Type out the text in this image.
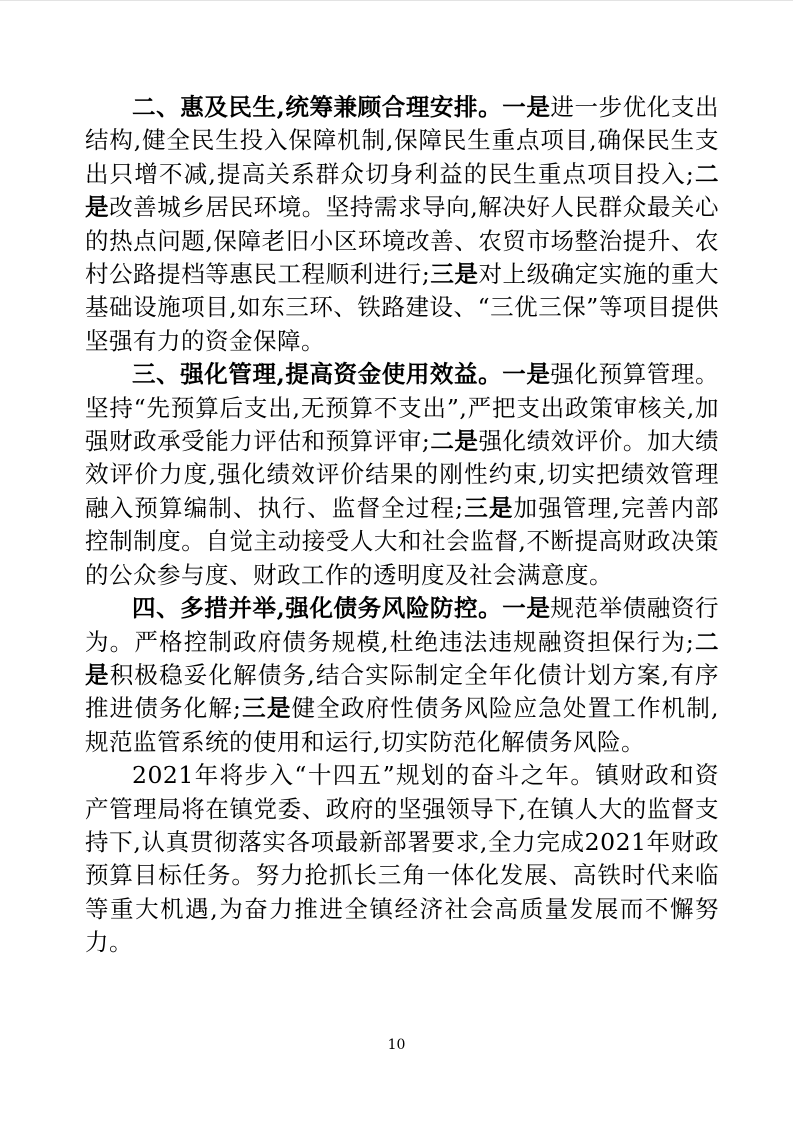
二、惠及民生,统筹兼顾合理安排。一是进一步优化支出结构,健全民生投入保障机制,保障民生重点项目,确保民生支出只增不减,提高关系群众切身利益的民生重点项目投入;二是改善城乡居民环境。坚持需求导向,解决好人民群众最关心的热点问题,保障老旧小区环境改善、农贸市场整治提升、农村公路提档等惠民工程顺利进行;三是对上级确定实施的重大基础设施项目,如东三环、铁路建设、“三优三保”等项目提供坚强有力的资金保障。

三、强化管理,提高资金使用效益。一是强化预算管理。坚持“先预算后支出,无预算不支出”,严把支出政策审核关,加强财政承受能力评估和预算评审;二是强化绩效评价。加大绩效评价力度,强化绩效评价结果的刚性约束,切实把绩效管理融入预算编制、执行、监督全过程;三是加强管理,完善内部控制制度。自觉主动接受人大和社会监督,不断提高财政决策的公众参与度、财政工作的透明度及社会满意度。

四、多措并举,强化债务风险防控。一是规范举债融资行为。严格控制政府债务规模,杜绝违法违规融资担保行为;二是积极稳妥化解债务,结合实际制定全年化债计划方案,有序推进债务化解;三是健全政府性债务风险应急处置工作机制,规范监管系统的使用和运行,切实防范化解债务风险。

2021年将步入“十四五”规划的奋斗之年。镇财政和资产管理局将在镇党委、政府的坚强领导下,在镇人大的监督支持下,认真贯彻落实各项最新部署要求,全力完成2021年财政预算目标任务。努力抢抓长三角一体化发展、高铁时代来临等重大机遇,为奋力推进全镇经济社会高质量发展而不懈努力。

10
